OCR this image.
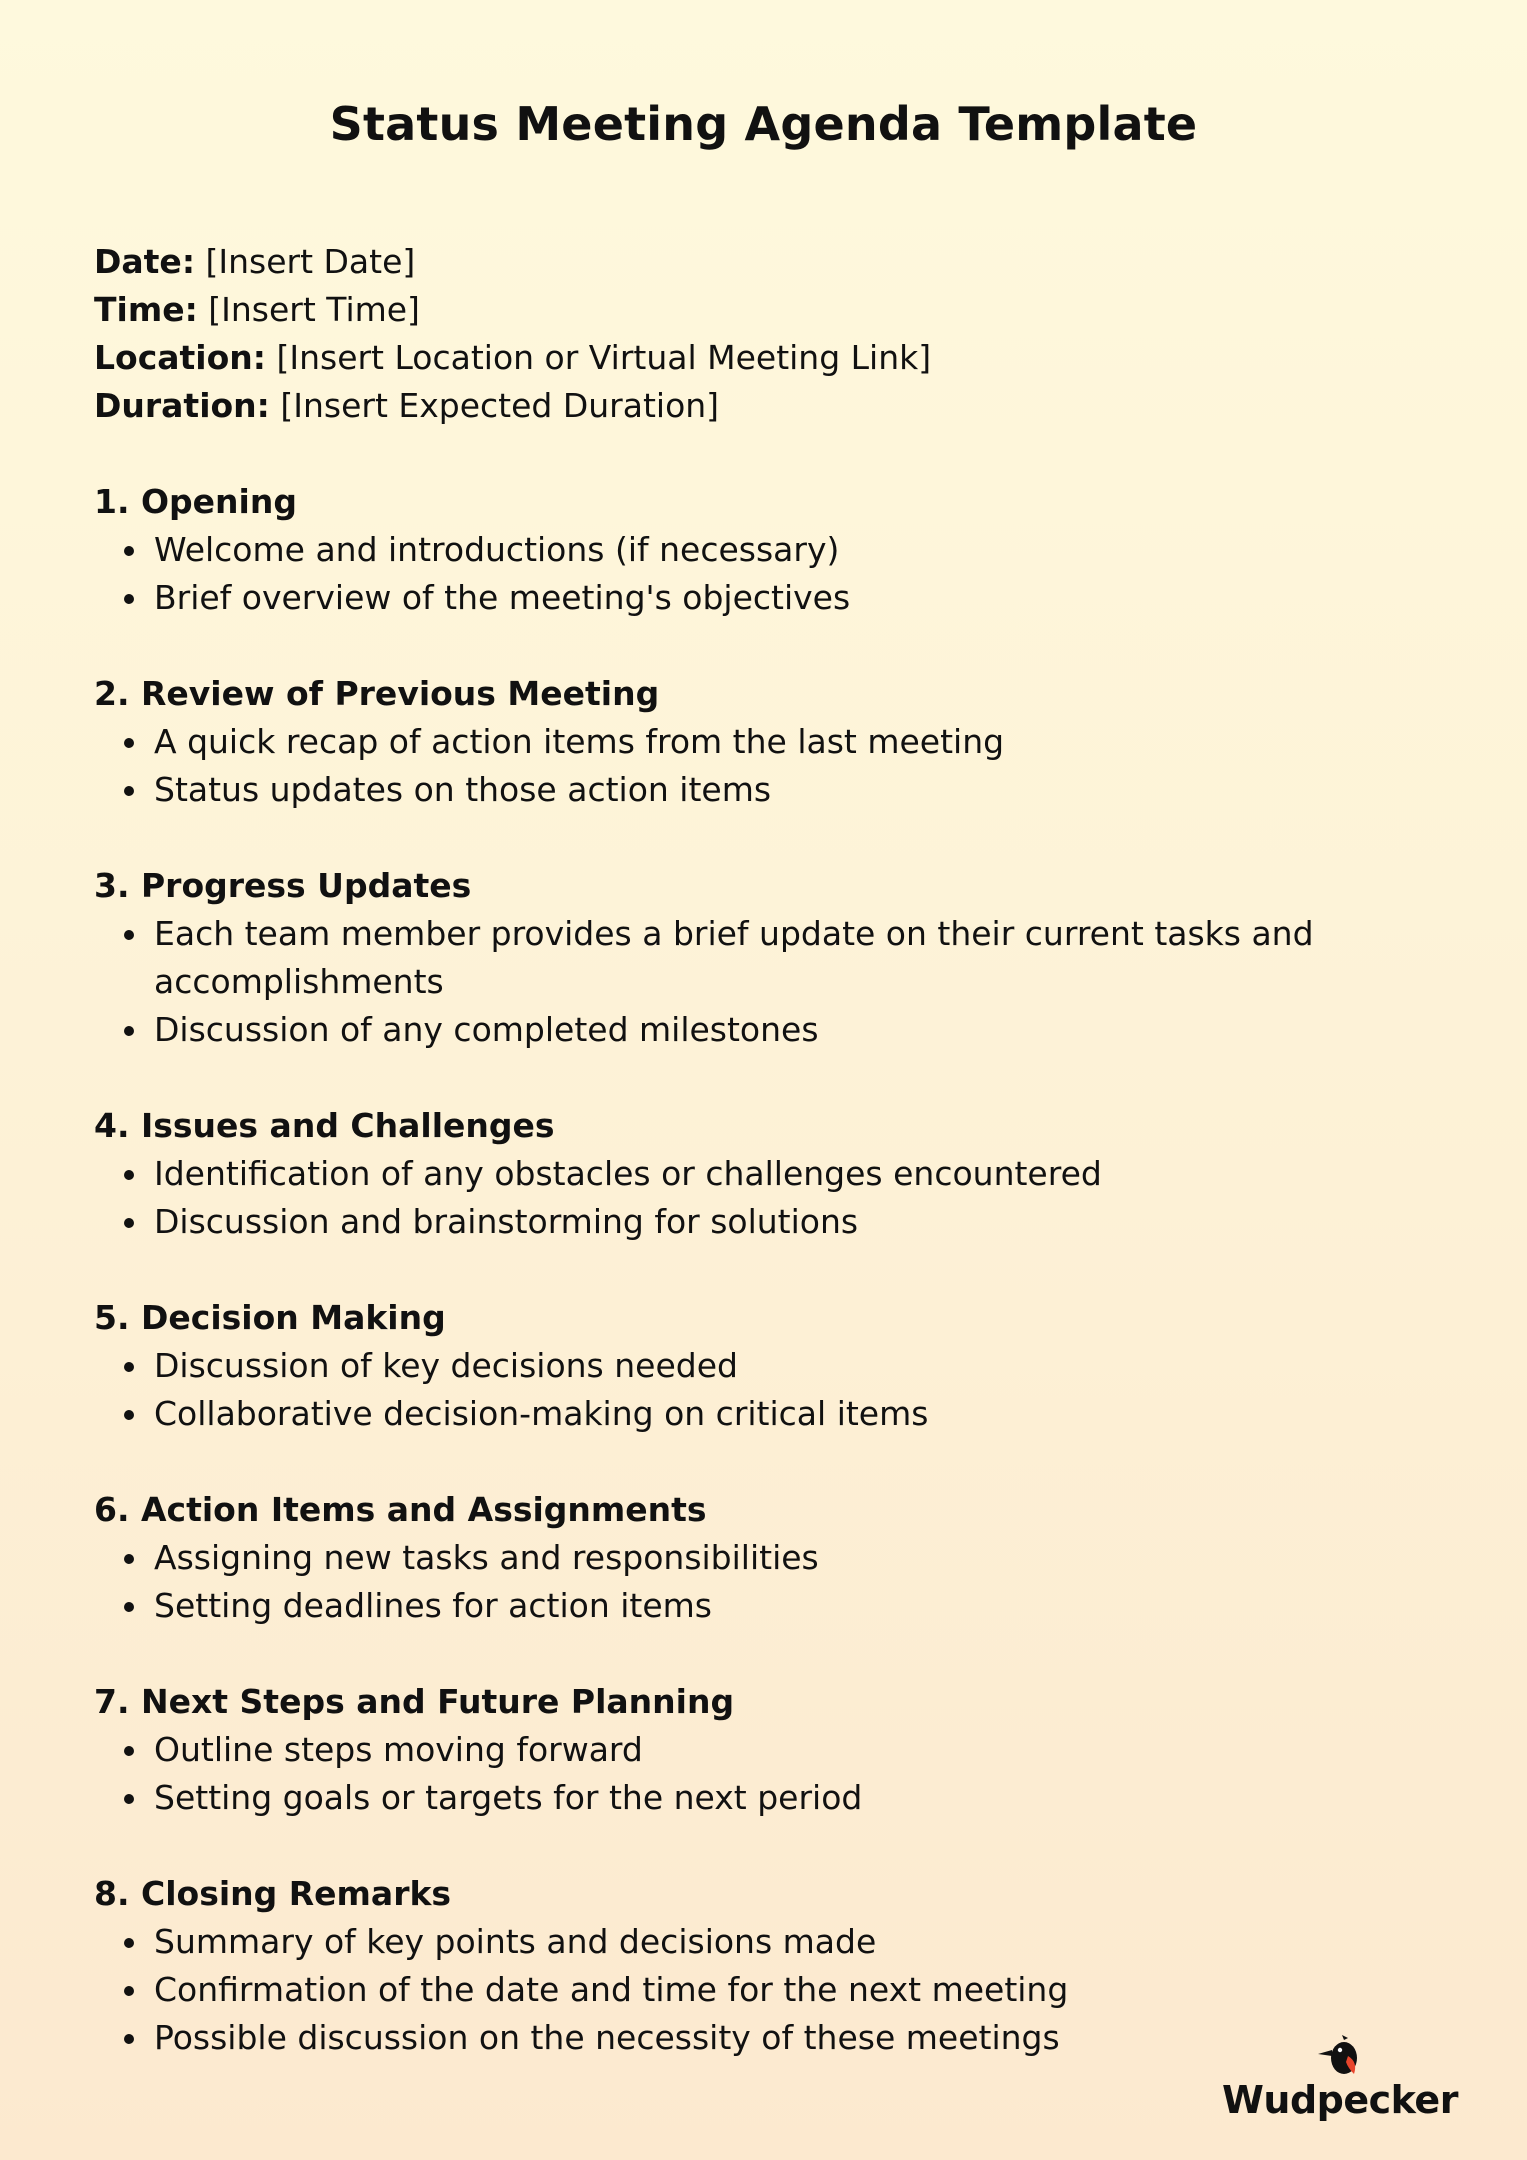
Status Meeting Agenda Template
Date: [Insert Date]
Time: [Insert Time]
Location: [Insert Location or Virtual Meeting Link]
Duration: [Insert Expected Duration]
1. Opening
Welcome and introductions (if necessary)
Brief overview of the meeting's objectives
2. Review of Previous Meeting
A quick recap of action items from the last meeting
Status updates on those action items
3. Progress Updates
Each team member provides a brief update on their current tasks and accomplishments
Discussion of any completed milestones
4. Issues and Challenges
Identification of any obstacles or challenges encountered
Discussion and brainstorming for solutions
5. Decision Making
Discussion of key decisions needed
Collaborative decision-making on critical items
6. Action Items and Assignments
Assigning new tasks and responsibilities
Setting deadlines for action items
7. Next Steps and Future Planning
Outline steps moving forward
Setting goals or targets for the next period
8. Closing Remarks
Summary of key points and decisions made
Confirmation of the date and time for the next meeting
Possible discussion on the necessity of these meetings
Wudpecker
